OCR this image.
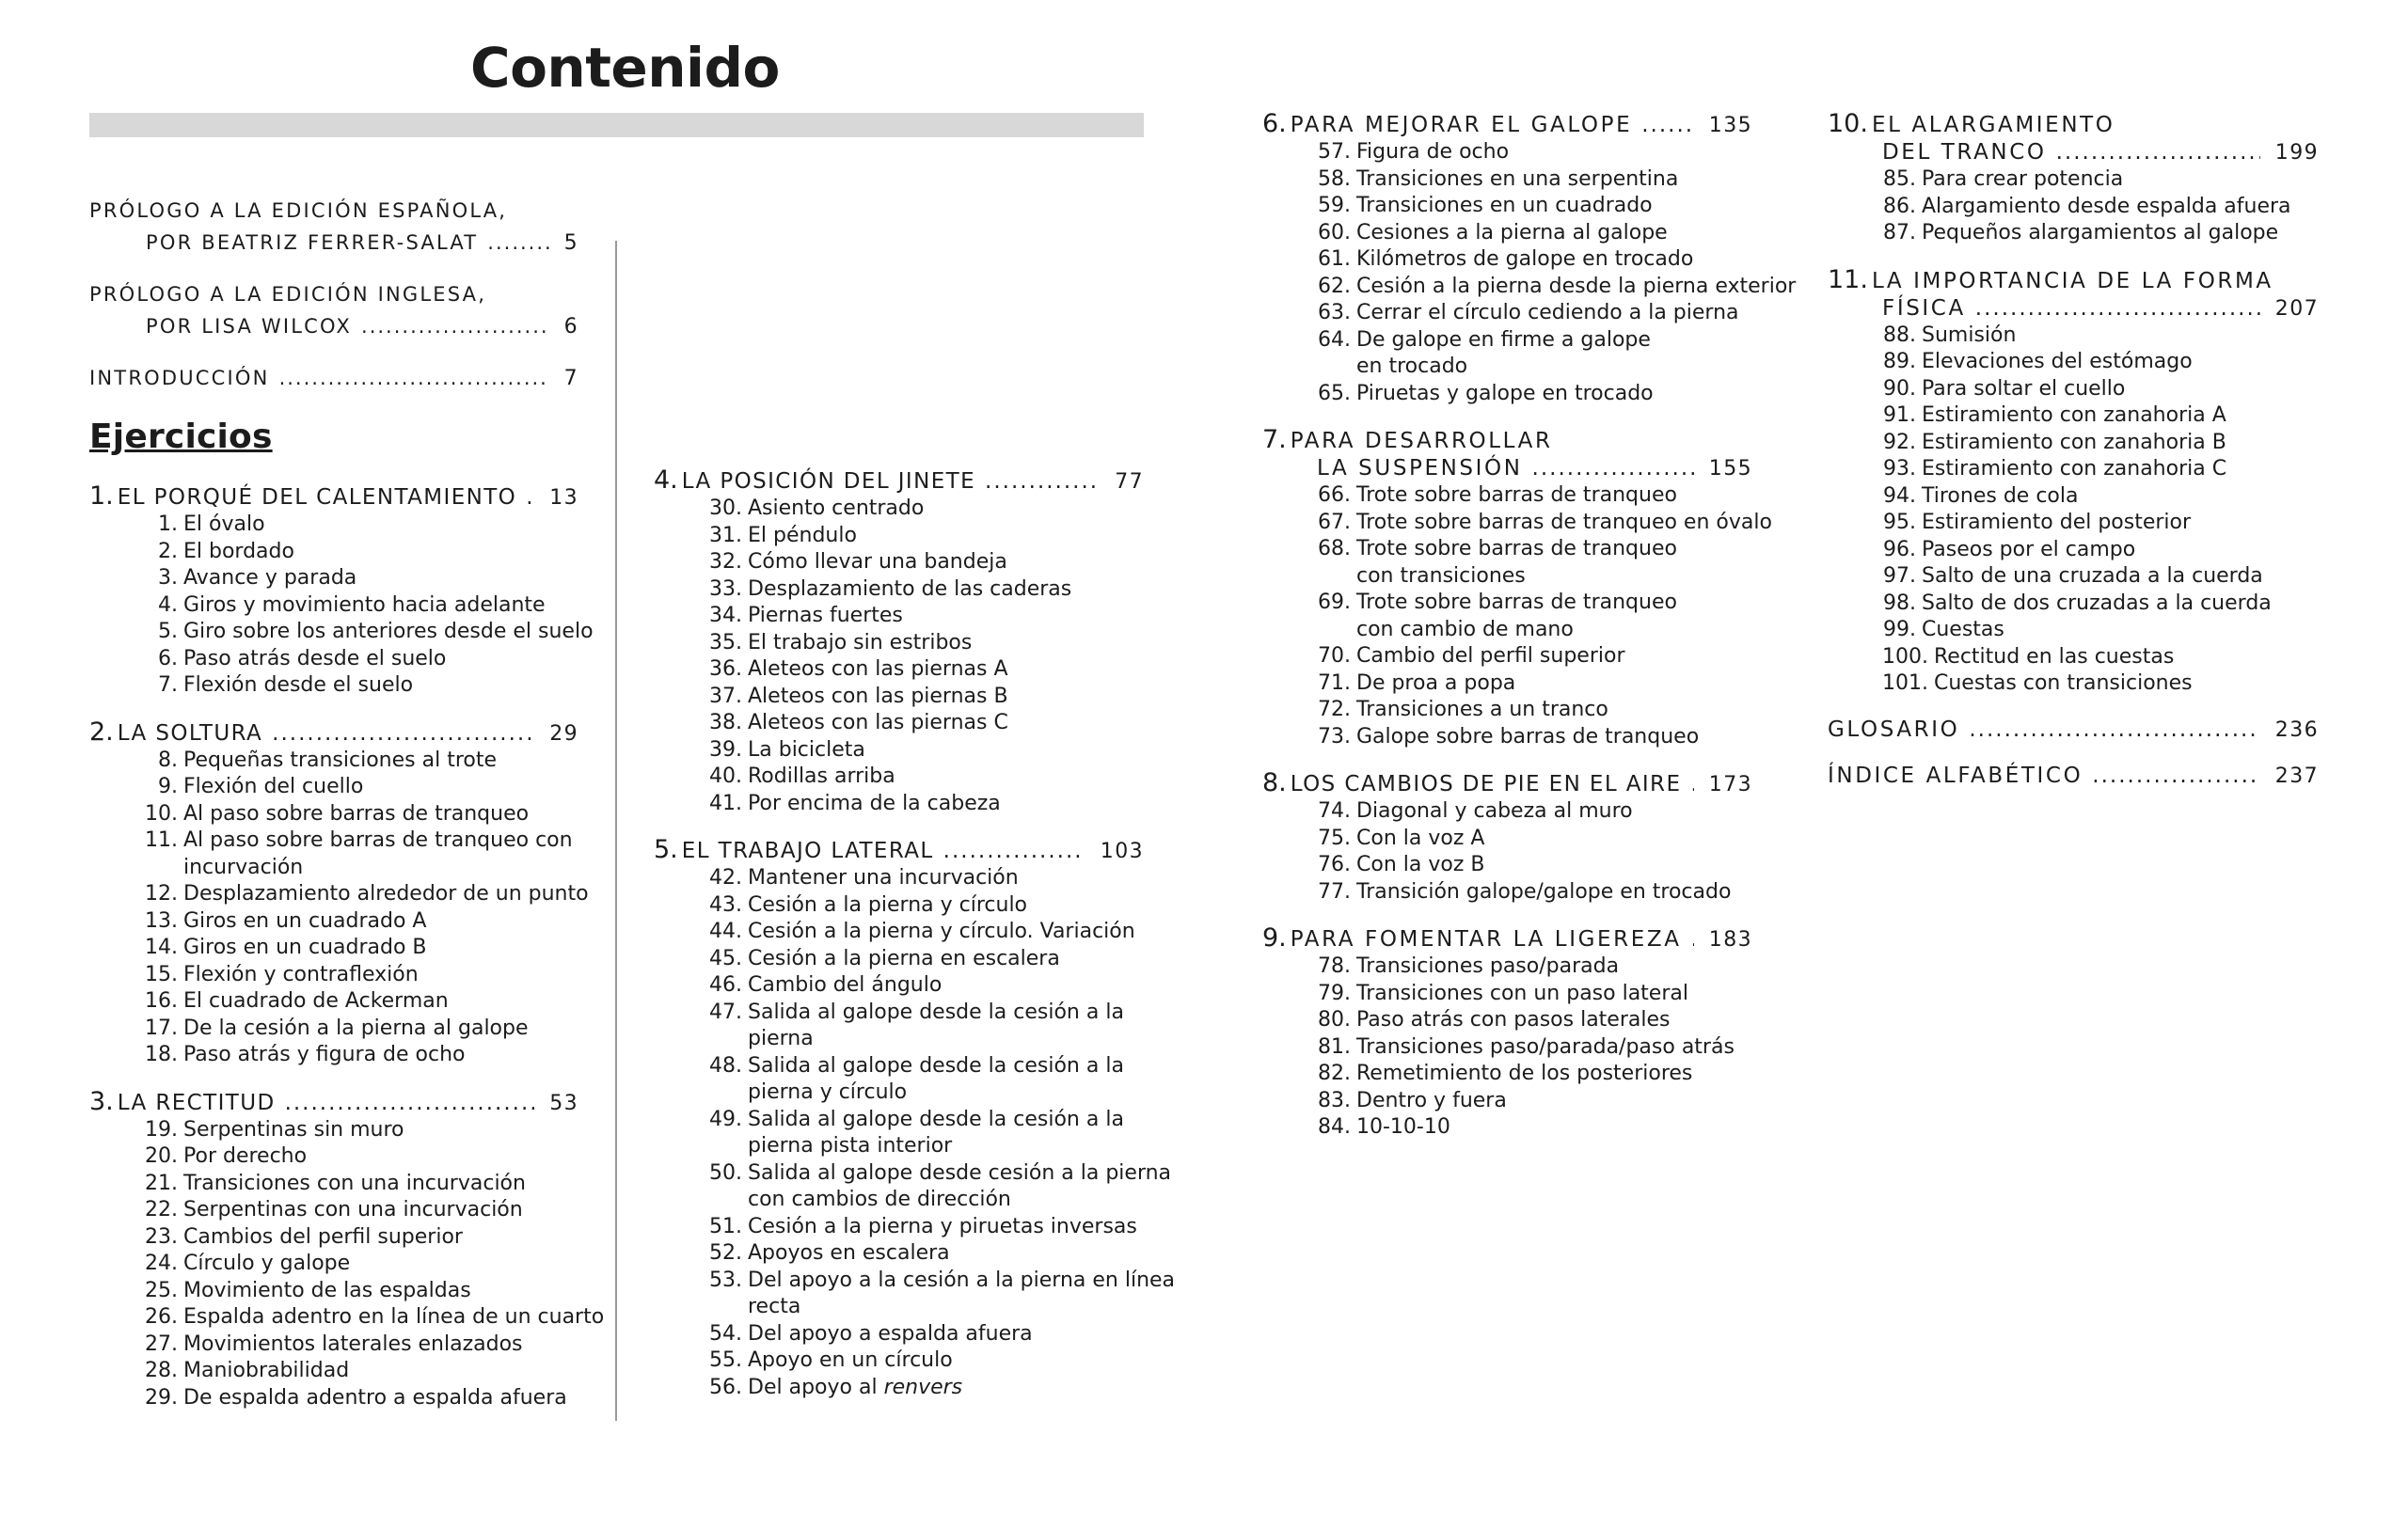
Contenido
PRÓLOGO A LA EDICIÓN ESPAÑOLA,
POR BEATRIZ FERRER-SALAT .....	5
PRÓLOGO A LA EDICIÓN INGLESA,
POR LISA WILCOX .....	6
INTRODUCCIÓN .....	7
Ejercicios
1. EL PORQUÉ DEL CALENTAMIENTO ..... 13
1. El óvalo
2. El bordado
3. Avance y parada
4. Giros y movimiento hacia adelante
5. Giro sobre los anteriores desde el suelo
6. Paso atrás desde el suelo
7. Flexión desde el suelo
2. LA SOLTURA .....	29
8. Pequeñas transiciones al trote
9. Flexión del cuello
10. Al paso sobre barras de tranqueo
11. Al paso sobre barras de tranqueo con
incurvación
12. Desplazamiento alrededor de un punto
13. Giros en un cuadrado A
14. Giros en un cuadrado B
15. Flexión y contraflexión
16. El cuadrado de Ackerman
17. De la cesión a la pierna al galope
18. Paso atrás y figura de ocho
3. LA RECTITUD .....	53
19. Serpentinas sin muro
20. Por derecho
21. Transiciones con una incurvación
22. Serpentinas con una incurvación
23. Cambios del perfil superior
24. Círculo y galope
25. Movimiento de las espaldas
26. Espalda adentro en la línea de un cuarto
27. Movimientos laterales enlazados
28. Maniobrabilidad
29. De espalda adentro a espalda afuera
4. LA POSICIÓN DEL JINETE .....	77
30. Asiento centrado
31. El péndulo
32. Cómo llevar una bandeja
33. Desplazamiento de las caderas
34. Piernas fuertes
35. El trabajo sin estribos
36. Aleteos con las piernas A
37. Aleteos con las piernas B
38. Aleteos con las piernas C
39. La bicicleta
40. Rodillas arriba
41. Por encima de la cabeza
5. EL TRABAJO LATERAL .....	103
42. Mantener una incurvación
43. Cesión a la pierna y círculo
44. Cesión a la pierna y círculo. Variación
45. Cesión a la pierna en escalera
46. Cambio del ángulo
47. Salida al galope desde la cesión a la
pierna
48. Salida al galope desde la cesión a la
pierna y círculo
49. Salida al galope desde la cesión a la
pierna pista interior
50. Salida al galope desde cesión a la pierna
con cambios de dirección
51. Cesión a la pierna y piruetas inversas
52. Apoyos en escalera
53. Del apoyo a la cesión a la pierna en línea
recta
54. Del apoyo a espalda afuera
55. Apoyo en un círculo
56. Del apoyo al renvers
6. PARA MEJORAR EL GALOPE .....	135
57. Figura de ocho
58. Transiciones en una serpentina
59. Transiciones en un cuadrado
60. Cesiones a la pierna al galope
61. Kilómetros de galope en trocado
62. Cesión a la pierna desde la pierna exterior
63. Cerrar el círculo cediendo a la pierna
64. De galope en firme a galope
en trocado
65. Piruetas y galope en trocado
7. PARA DESARROLLAR
LA SUSPENSIÓN .....	155
66. Trote sobre barras de tranqueo
67. Trote sobre barras de tranqueo en óvalo
68. Trote sobre barras de tranqueo
con transiciones
69. Trote sobre barras de tranqueo
con cambio de mano
70. Cambio del perfil superior
71. De proa a popa
72. Transiciones a un tranco
73. Galope sobre barras de tranqueo
8. LOS CAMBIOS DE PIE EN EL AIRE ..... 173
74. Diagonal y cabeza al muro
75. Con la voz A
76. Con la voz B
77. Transición galope/galope en trocado
9. PARA FOMENTAR LA LIGEREZA ..... 183
78. Transiciones paso/parada
79. Transiciones con un paso lateral
80. Paso atrás con pasos laterales
81. Transiciones paso/parada/paso atrás
82. Remetimiento de los posteriores
83. Dentro y fuera
84. 10-10-10
10. EL ALARGAMIENTO
DEL TRANCO .....	199
85. Para crear potencia
86. Alargamiento desde espalda afuera
87. Pequeños alargamientos al galope
11. LA IMPORTANCIA DE LA FORMA
FÍSICA .....	207
88. Sumisión
89. Elevaciones del estómago
90. Para soltar el cuello
91. Estiramiento con zanahoria A
92. Estiramiento con zanahoria B
93. Estiramiento con zanahoria C
94. Tirones de cola
95. Estiramiento del posterior
96. Paseos por el campo
97. Salto de una cruzada a la cuerda
98. Salto de dos cruzadas a la cuerda
99. Cuestas
100. Rectitud en las cuestas
101. Cuestas con transiciones
GLOSARIO .....	236
ÍNDICE ALFABÉTICO .....	237
